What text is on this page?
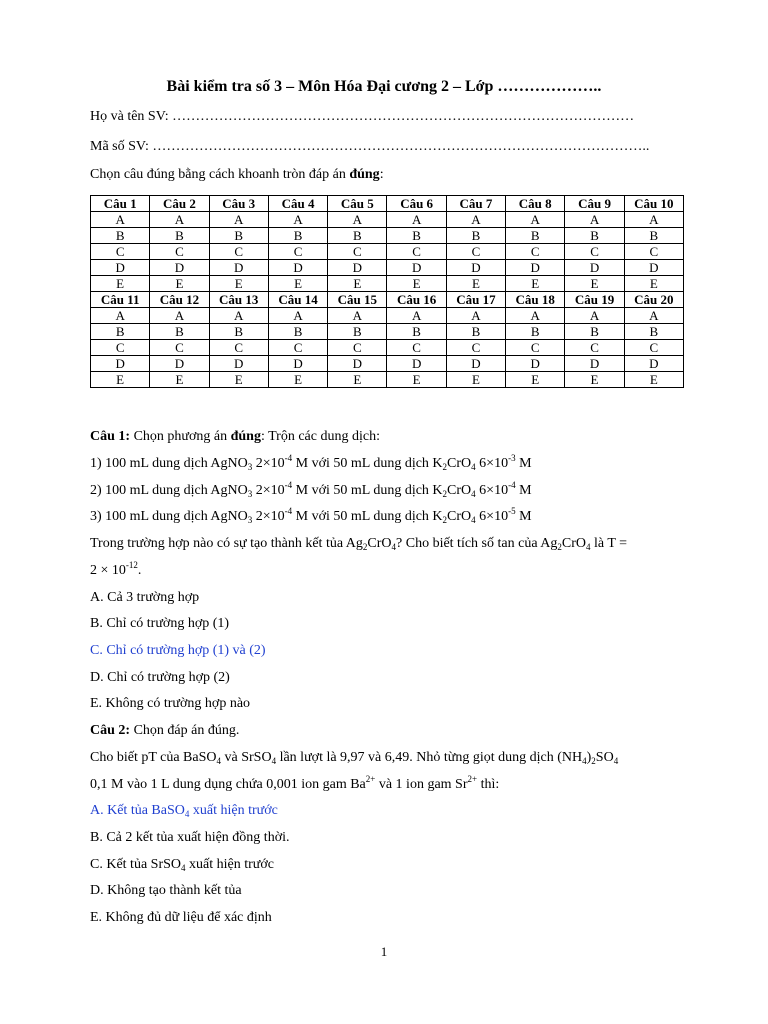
Bài kiểm tra số 3 – Môn Hóa Đại cương 2 – Lớp ………………..
Họ và tên SV: ………………………………………………………………………………………
Mã số SV: ……………………………………………………………………………………………..
Chọn câu đúng bằng cách khoanh tròn đáp án đúng:
Câu 1	Câu 2	Câu 3	Câu 4	Câu 5	Câu 6	Câu 7	Câu 8	Câu 9	Câu 10
A	A	A	A	A	A	A	A	A	A
B	B	B	B	B	B	B	B	B	B
C	C	C	C	C	C	C	C	C	C
D	D	D	D	D	D	D	D	D	D
E	E	E	E	E	E	E	E	E	E
Câu 11	Câu 12	Câu 13	Câu 14	Câu 15	Câu 16	Câu 17	Câu 18	Câu 19	Câu 20
A	A	A	A	A	A	A	A	A	A
B	B	B	B	B	B	B	B	B	B
C	C	C	C	C	C	C	C	C	C
D	D	D	D	D	D	D	D	D	D
E	E	E	E	E	E	E	E	E	E
Câu 1: Chọn phương án đúng: Trộn các dung dịch:
1) 100 mL dung dịch AgNO$_3$ $2\times 10^{-4}$ M với 50 mL dung dịch $K_2CrO_4$ $6\times 10^{-3}$ M
2) 100 mL dung dịch AgNO$_3$ $2\times 10^{-4}$ M với 50 mL dung dịch $K_2CrO_4$ $6\times 10^{-4}$ M
3) 100 mL dung dịch AgNO$_3$ $2\times 10^{-4}$ M với 50 mL dung dịch $K_2CrO_4$ $6\times 10^{-5}$ M
Trong trường hợp nào có sự tạo thành kết tủa $Ag_2CrO_4$? Cho biết tích số tan của $Ag_2CrO_4$ là T =
$2 \times 10^{-12}$.
A. Cả 3 trường hợp
B. Chỉ có trường hợp (1)
C. Chỉ có trường hợp (1) và (2)
D. Chỉ có trường hợp (2)
E. Không có trường hợp nào
Câu 2: Chọn đáp án đúng.
Cho biết pT của BaSO$_4$ và SrSO$_4$ lần lượt là 9,97 và 6,49. Nhỏ từng giọt dung dịch $(NH_4)_2SO_4$
0,1 M vào 1 L dung dụng chứa 0,001 ion gam $Ba^{2+}$ và 1 ion gam $Sr^{2+}$ thì:
A. Kết tủa BaSO$_4$ xuất hiện trước
B. Cả 2 kết tủa xuất hiện đồng thời.
C. Kết tủa SrSO$_4$ xuất hiện trước
D. Không tạo thành kết tủa
E. Không đủ dữ liệu để xác định
1
